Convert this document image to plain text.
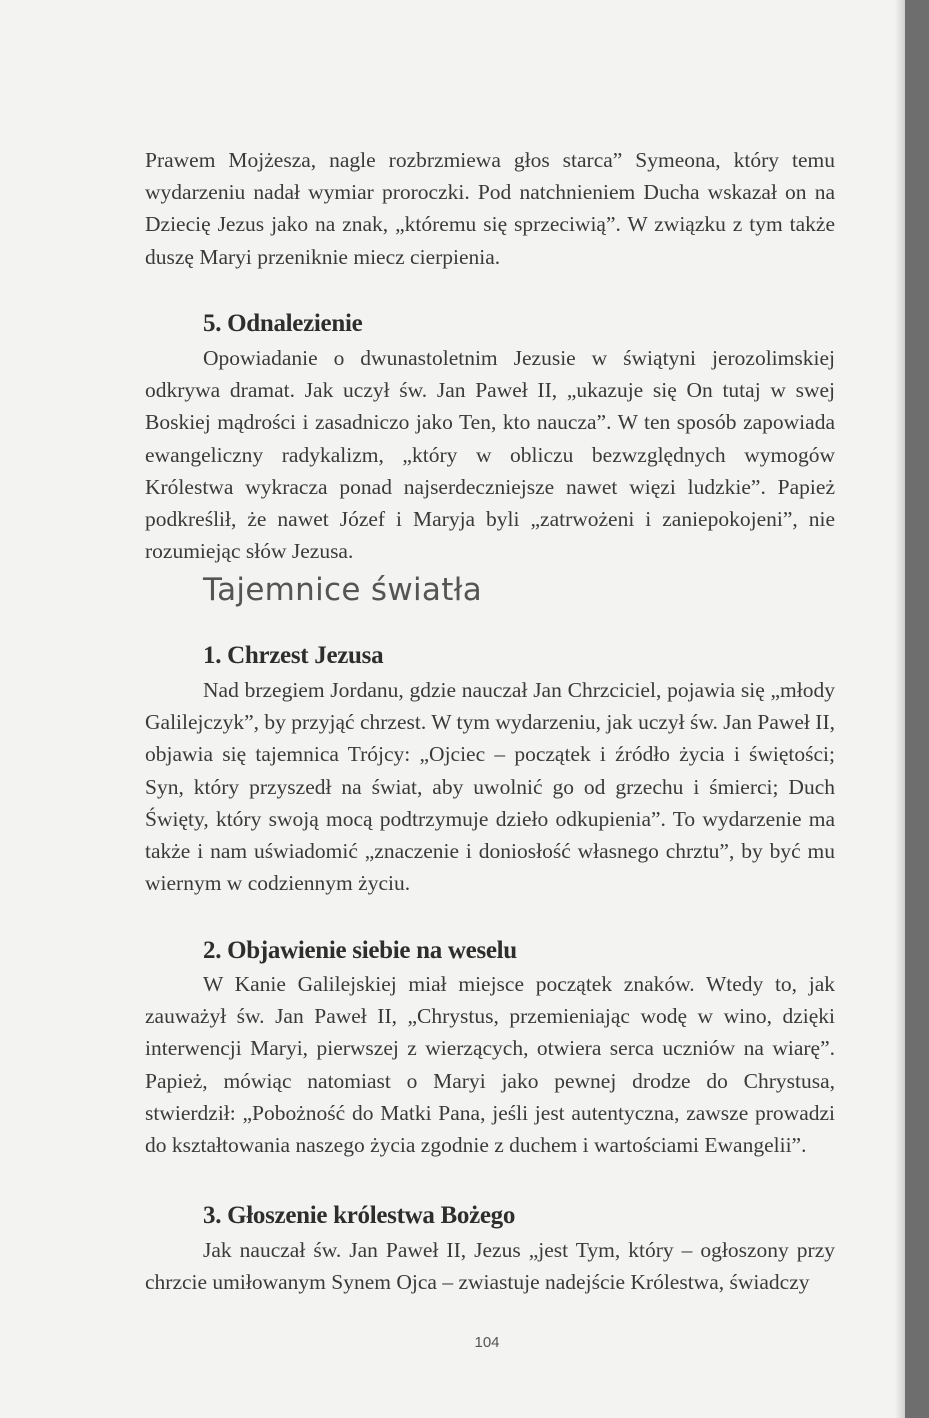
Prawem Mojżesza, nagle rozbrzmiewa głos starca” Symeona, który temu wydarzeniu nadał wymiar proroczki. Pod natchnieniem Ducha wskazał on na Dziecię Jezus jako na znak, „któremu się sprzeciwią”. W związku z tym także duszę Maryi przeniknie miecz cierpienia.

5. Odnalezienie

Opowiadanie o dwunastoletnim Jezusie w świątyni jerozolimskiej odkrywa dramat. Jak uczył św. Jan Paweł II, „ukazuje się On tutaj w swej Boskiej mądrości i zasadniczo jako Ten, kto naucza”. W ten sposób zapowiada ewangeliczny radykalizm, „który w obliczu bezwzględnych wymogów Królestwa wykracza ponad najserdeczniejsze nawet więzi ludzkie”. Papież podkreślił, że nawet Józef i Maryja byli „zatrwożeni i zaniepokojeni”, nie rozumiejąc słów Jezusa.

Tajemnice światła
1. Chrzest Jezusa

Nad brzegiem Jordanu, gdzie nauczał Jan Chrzciciel, pojawia się „młody Galilejczyk”, by przyjąć chrzest. W tym wydarzeniu, jak uczył św. Jan Paweł II, objawia się tajemnica Trójcy: „Ojciec – początek i źródło życia i świętości; Syn, który przyszedł na świat, aby uwolnić go od grzechu i śmierci; Duch Święty, który swoją mocą podtrzymuje dzieło odkupienia”. To wydarzenie ma także i nam uświadomić „znaczenie i doniosłość własnego chrztu”, by być mu wiernym w codziennym życiu.

2. Objawienie siebie na weselu

W Kanie Galilejskiej miał miejsce początek znaków. Wtedy to, jak zauważył św. Jan Paweł II, „Chrystus, przemieniając wodę w wino, dzięki interwencji Maryi, pierwszej z wierzących, otwiera serca uczniów na wiarę”. Papież, mówiąc natomiast o Maryi jako pewnej drodze do Chrystusa, stwierdził: „Pobożność do Matki Pana, jeśli jest autentyczna, zawsze prowadzi do kształtowania naszego życia zgodnie z duchem i wartościami Ewangelii”.

3. Głoszenie królestwa Bożego

Jak nauczał św. Jan Paweł II, Jezus „jest Tym, który – ogłoszony przy chrzcie umiłowanym Synem Ojca – zwiastuje nadejście Królestwa, świadczy

104
